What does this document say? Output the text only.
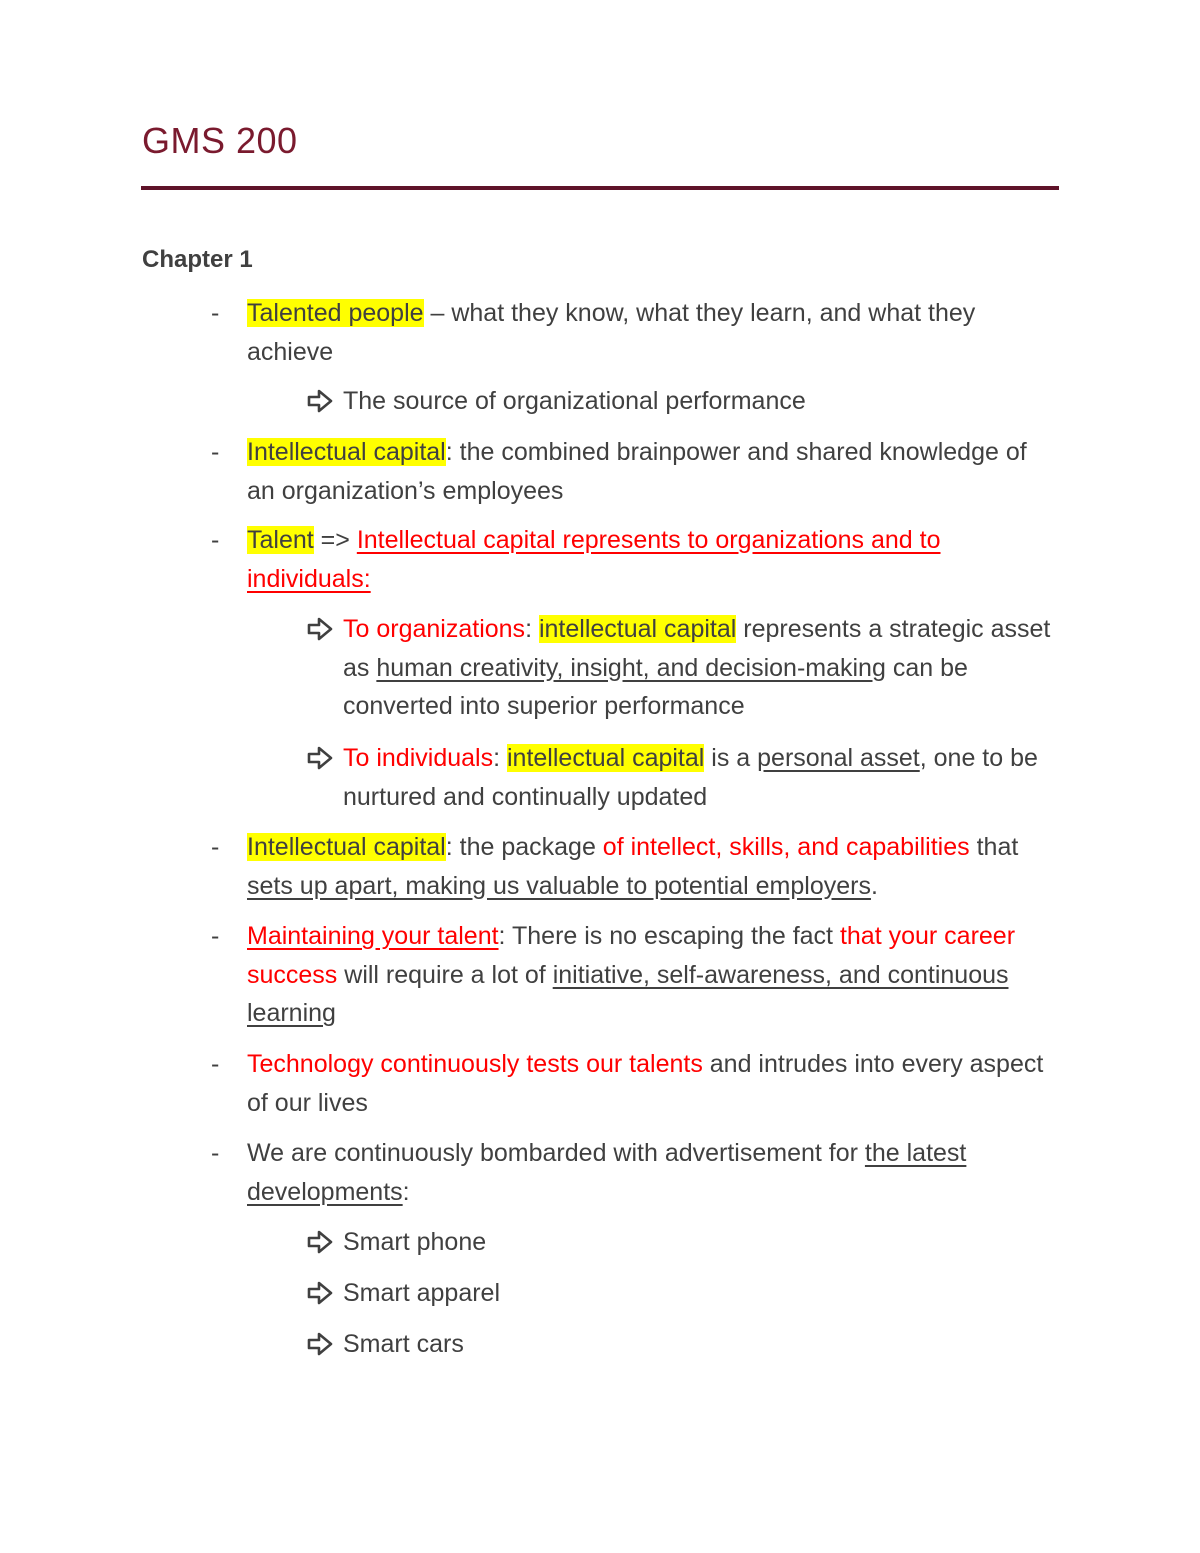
GMS 200
Chapter 1
- Talented people – what they know, what they learn, and what they achieve
The source of organizational performance
- Intellectual capital: the combined brainpower and shared knowledge of an organization’s employees
- Talent => Intellectual capital represents to organizations and to individuals:
To organizations: intellectual capital represents a strategic asset as human creativity, insight, and decision-making can be converted into superior performance
To individuals: intellectual capital is a personal asset, one to be nurtured and continually updated
- Intellectual capital: the package of intellect, skills, and capabilities that sets up apart, making us valuable to potential employers.
- Maintaining your talent: There is no escaping the fact that your career success will require a lot of initiative, self-awareness, and continuous learning
- Technology continuously tests our talents and intrudes into every aspect of our lives
- We are continuously bombarded with advertisement for the latest developments:
Smart phone
Smart apparel
Smart cars
